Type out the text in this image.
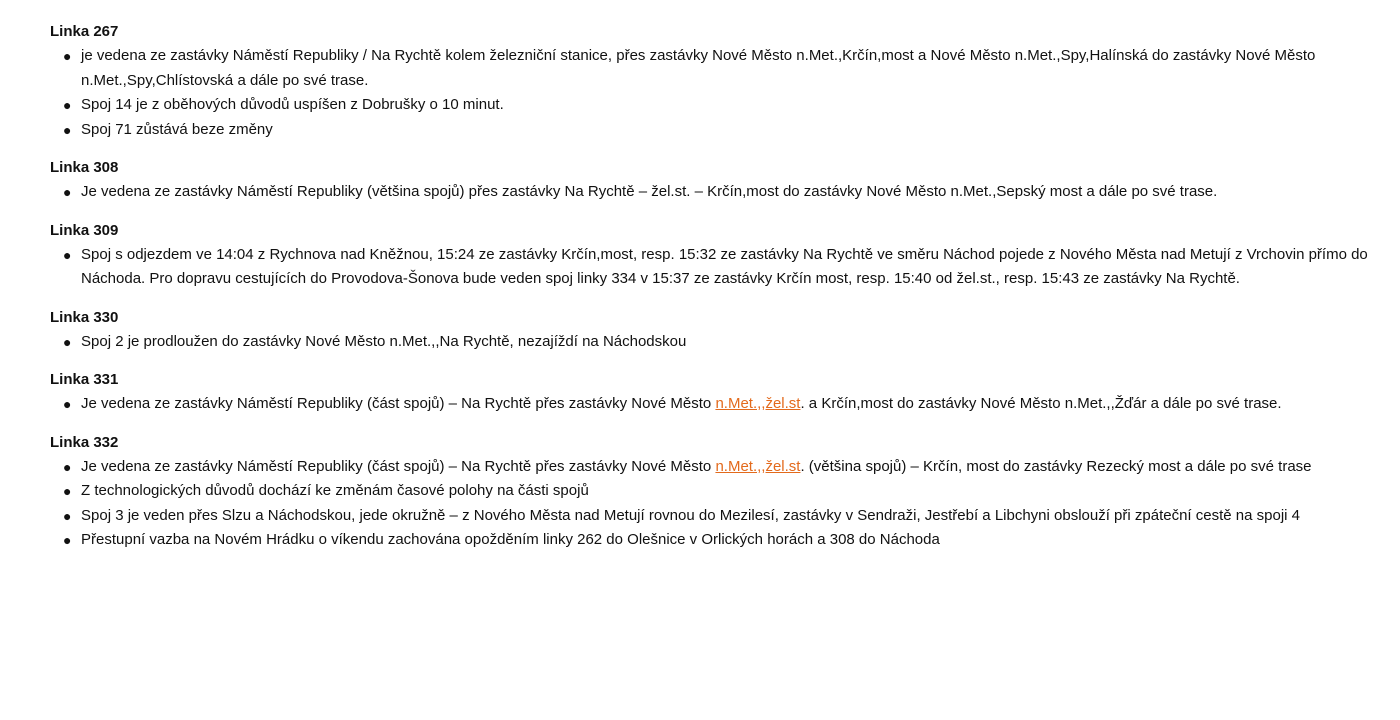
Linka 267
● je vedena ze zastávky Náměstí Republiky / Na Rychtě kolem železniční stanice, přes zastávky Nové Město n.Met.,Krčín,most a Nové Město n.Met.,Spy,Halínská do zastávky Nové Město n.Met.,Spy,Chlístovská a dále po své trase.
● Spoj 14 je z oběhových důvodů uspíšen z Dobrušky o 10 minut.
● Spoj 71 zůstává beze změny
Linka 308
● Je vedena ze zastávky Náměstí Republiky (většina spojů) přes zastávky Na Rychtě – žel.st. – Krčín,most do zastávky Nové Město n.Met.,Sepský most a dále po své trase.
Linka 309
● Spoj s odjezdem ve 14:04 z Rychnova nad Kněžnou, 15:24 ze zastávky Krčín,most, resp. 15:32 ze zastávky Na Rychtě ve směru Náchod pojede z Nového Města nad Metují z Vrchovin přímo do Náchoda. Pro dopravu cestujících do Provodova-Šonova bude veden spoj linky 334 v 15:37 ze zastávky Krčín most, resp. 15:40 od žel.st., resp. 15:43 ze zastávky Na Rychtě.
Linka 330
● Spoj 2 je prodloužen do zastávky Nové Město n.Met.,,Na Rychtě, nezajíždí na Náchodskou
Linka 331
● Je vedena ze zastávky Náměstí Republiky (část spojů) – Na Rychtě přes zastávky Nové Město n.Met.,,žel.st. a Krčín,most do zastávky Nové Město n.Met.,,Žďár a dále po své trase.
Linka 332
● Je vedena ze zastávky Náměstí Republiky (část spojů) – Na Rychtě přes zastávky Nové Město n.Met.,,žel.st. (většina spojů) – Krčín, most do zastávky Rezecký most a dále po své trase
● Z technologických důvodů dochází ke změnám časové polohy na části spojů
● Spoj 3 je veden přes Slzu a Náchodskou, jede okružně – z Nového Města nad Metují rovnou do Mezilesí, zastávky v Sendraži, Jestřebí a Libchyni obslouží při zpáteční cestě na spoji 4
● Přestupní vazba na Novém Hrádku o víkendu zachována opožděním linky 262 do Olešnice v Orlických horách a 308 do Náchoda
